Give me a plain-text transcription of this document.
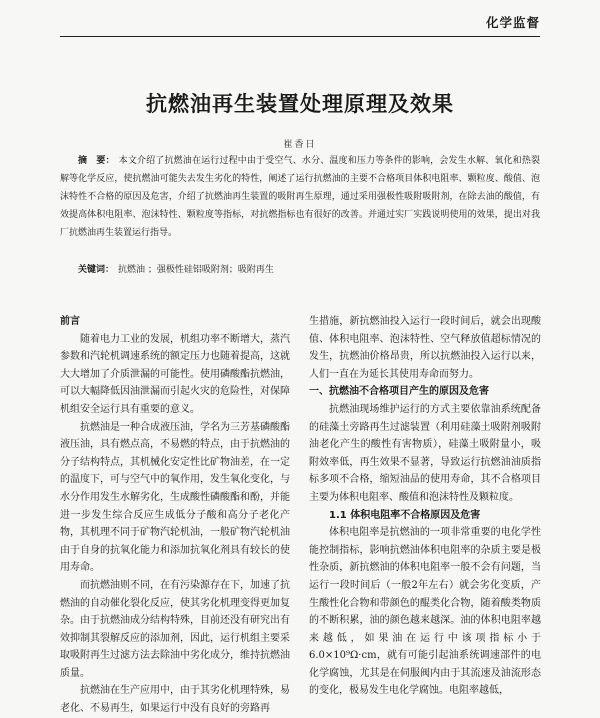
化学监督
抗燃油再生装置处理原理及效果
崔香日
摘　要： 本文介绍了抗燃油在运行过程中由于受空气、水分、温度和压力等条件的影响，会发生水解、氧化和热裂解等化学反应，使抗燃油可能失去发生劣化的特性，阐述了运行抗燃油的主要不合格项目体积电阻率、颗粒度、酸值、泡沫特性不合格的原因及危害，介绍了抗燃油再生装置的吸附再生原理，通过采用强极性吸附吸附剂，在除去油的酸值，有效提高体积电阻率、泡沫特性、颗粒度等指标，对抗燃指标也有很好的改善。并通过实厂实践说明使用的效果，提出对我厂抗燃油再生装置运行指导。
关键词： 抗燃油 ；强极性硅铝吸附剂；吸附再生
前言

随着电力工业的发展，机组功率不断增大，蒸汽参数和汽轮机调速系统的额定压力也随着提高，这就大大增加了介质泄漏的可能性。使用磷酸酯抗燃油，可以大幅降低因油泄漏而引起火灾的危险性，对保障机组安全运行具有重要的意义。

抗燃油是一种合成液压油，学名为三芳基磷酸酯液压油，具有燃点高，不易燃的特点，由于抗燃油的分子结构特点，其机械化安定性比矿物油差，在一定的温度下，可与空气中的氧作用，发生氧化变化，与水分作用发生水解劣化，生成酸性磷酸酯和酚，并能进一步发生综合反应生成低分子酸和高分子老化产物，其机理不同于矿物汽轮机油，一般矿物汽轮机油由于自身的抗氧化能力和添加抗氧化剂具有较长的使用寿命。

而抗燃油则不同，在有污染源存在下，加速了抗燃油的自动催化裂化反应，使其劣化机理变得更加复杂。由于抗燃油成分结构特殊，目前还没有研究出有效抑制其裂解反应的添加剂，因此，运行机组主要采取吸附再生过滤方法去除油中劣化成分，维持抗燃油质量。

抗燃油在生产应用中，由于其劣化机理特殊，易老化、不易再生，如果运行中没有良好的旁路再

生措施，新抗燃油投入运行一段时间后，就会出现酸值、体积电阻率、泡沫特性、空气释放值超标情况的发生，抗燃油价格昂贵，所以抗燃油投入运行以来，人们一直在为延长其使用寿命而努力。

一、抗燃油不合格项目产生的原因及危害

抗燃油现场维护运行的方式主要依靠油系统配备的硅藻土旁路再生过滤装置（利用硅藻土吸附剂吸附油老化产生的酸性有害物质），硅藻土吸附量小，吸附效率低，再生效果不显著，导致运行抗燃油油质指标多项不合格，缩短油品的使用寿命，其不合格项目主要为体积电阻率、酸值和泡沫特性及颗粒度。

1.1 体积电阻率不合格原因及危害

体积电阻率是抗燃油的一项非常重要的电化学性能控制指标，影响抗燃油体积电阻率的杂质主要是极性杂质，新抗燃油的体积电阻率一般不会有问题，当运行一段时间后（一般2年左右）就会劣化变质，产生酸性化合物和带颜色的醌类化合物，随着酸类物质的不断积累，油的颜色越来越深。油的体积电阻率越来越低，如果油在运行中该项指标小于6.0×10⁹Ω·cm，就有可能引起油系统调速部件的电化学腐蚀，尤其是在伺服阀内由于其流速及油流形态的变化，极易发生电化学腐蚀。电阻率越低，
